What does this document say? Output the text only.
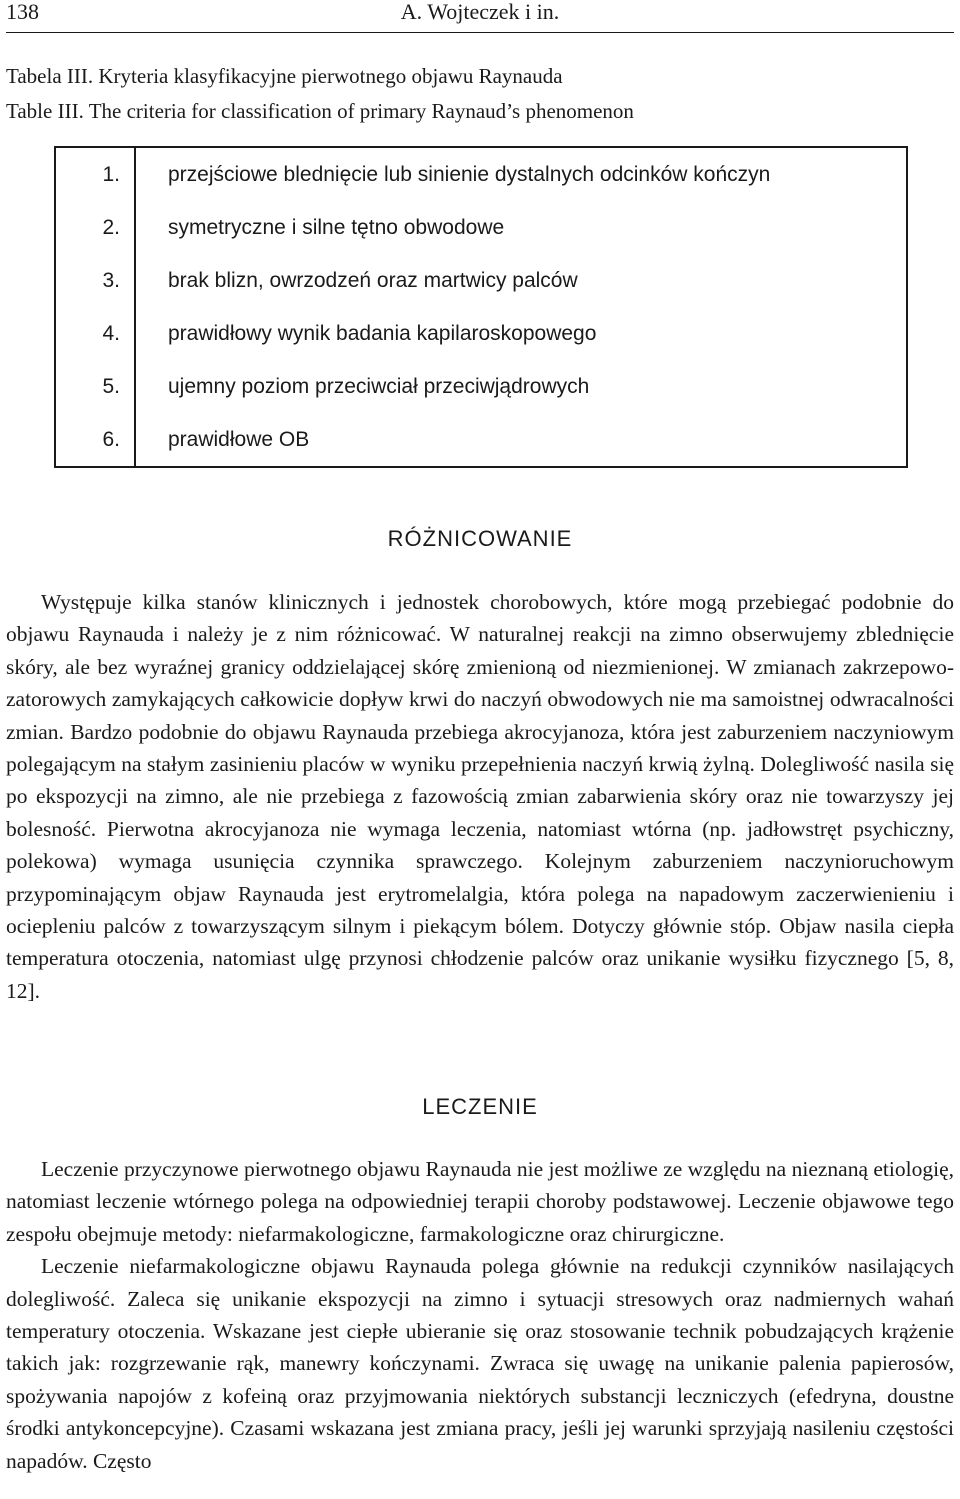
138	A. Wojteczek i in.
Tabela III. Kryteria klasyfikacyjne pierwotnego objawu Raynauda
Table III. The criteria for classification of primary Raynaud’s phenomenon
1.	przejściowe blednięcie lub sinienie dystalnych odcinków kończyn
2.	symetryczne i silne tętno obwodowe
3.	brak blizn, owrzodzeń oraz martwicy palców
4.	prawidłowy wynik badania kapilaroskopowego
5.	ujemny poziom przeciwciał przeciwjądrowych
6.	prawidłowe OB
RÓŻNICOWANIE

Występuje kilka stanów klinicznych i jednostek chorobowych, które mogą przebiegać podobnie do objawu Raynauda i należy je z nim różnicować. W naturalnej reakcji na zimno obserwujemy zblednięcie skóry, ale bez wyraźnej granicy oddzielającej skórę zmienioną od niezmienionej. W zmianach zakrzepowo-zatorowych zamykających całkowicie dopływ krwi do naczyń obwodowych nie ma samoistnej odwracalności zmian. Bardzo podobnie do objawu Raynauda przebiega akrocyjanoza, która jest zaburzeniem naczyniowym polegającym na stałym zasinieniu placów w wyniku przepełnienia naczyń krwią żylną. Dolegliwość nasila się po ekspozycji na zimno, ale nie przebiega z fazowością zmian zabarwienia skóry oraz nie towarzyszy jej bolesność. Pierwotna akrocyjanoza nie wymaga leczenia, natomiast wtórna (np. jadłowstręt psychiczny, polekowa) wymaga usunięcia czynnika sprawczego. Kolejnym zaburzeniem naczynioruchowym przypominającym objaw Raynauda jest erytromelalgia, która polega na napadowym zaczerwienieniu i ociepleniu palców z towarzyszącym silnym i piekącym bólem. Dotyczy głównie stóp. Objaw nasila ciepła temperatura otoczenia, natomiast ulgę przynosi chłodzenie palców oraz unikanie wysiłku fizycznego [5, 8, 12].

LECZENIE

Leczenie przyczynowe pierwotnego objawu Raynauda nie jest możliwe ze względu na nieznaną etiologię, natomiast leczenie wtórnego polega na odpowiedniej terapii choroby podstawowej. Leczenie objawowe tego zespołu obejmuje metody: niefarmakologiczne, farmakologiczne oraz chirurgiczne.

Leczenie niefarmakologiczne objawu Raynauda polega głównie na redukcji czynników nasilających dolegliwość. Zaleca się unikanie ekspozycji na zimno i sytuacji stresowych oraz nadmiernych wahań temperatury otoczenia. Wskazane jest ciepłe ubieranie się oraz stosowanie technik pobudzających krążenie takich jak: rozgrzewanie rąk, manewry kończynami. Zwraca się uwagę na unikanie palenia papierosów, spożywania napojów z kofeiną oraz przyjmowania niektórych substancji leczniczych (efedryna, doustne środki antykoncepcyjne). Czasami wskazana jest zmiana pracy, jeśli jej warunki sprzyjają nasileniu częstości napadów. Często
